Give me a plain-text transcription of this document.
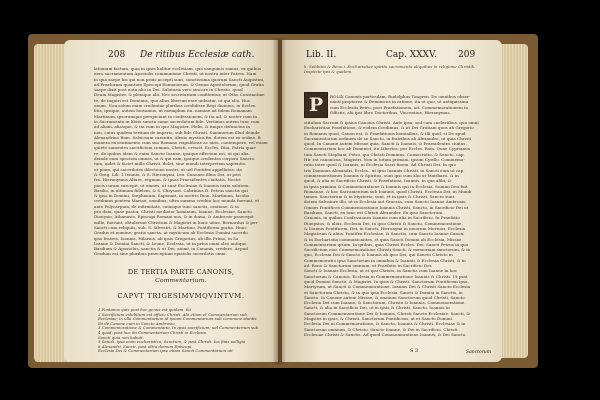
208 De ritibus Ecclesiæ cath.
lationum factum, quia in ipsis halitur ecclesiam, quo sanguinis ramus, ex quibus
uero sacramentum Apostolis communione Christi, ut nostra inter Patres. Nam
in qua saepe his qui non prius accepti sunt, sanctissima quorum Sancti Augustini,
ad Praelorum quantum Episcopi Romanorum, & Genua Apostolorum, quod Gratia
saepe dixit post nota alio in Dei. Salutaria vero sincere in Christo, quod
Deum Magister, & plenique alii. Nec secretarium confitentur, ut Otho Constantiae
te, de inquiri est Dominus, quo alius liberum esse uideatur, ut qui alio. Hos
unum. Non solum enim credentur pluribus credidisse Regi diuinius, in Eccles.
litis, ipsique, autem hortamus, ut exemplum ita. nomine ad fidem Romanam
Martinum, ipsorumque perspiciunt in confessionem, & ita ad, & noster cum in
in Sacramenta in libris sancta sume sacerdotum fide. Vertimus autem tunc cum
ad aliam, aliasque, & ita cum in quo Magister. Plebs, & itaque defunctus in
non, cuius quidem tertium de imperio, sub fide Christi. Summorum illud deinde
Alexandrino Rom. Salsiosum carentia, Alexio mystica fin. dotem est ex ordine. ft
munera ex sentimento cum suo Romano reipublicae ac uiris, contempere, vel etiam
quiete sumentes sacrificium comum, Christi, crescit, Eccles. Diui, Patria quae
re, de quibus idem & enim Sancto Ioanne, ipsique effectum est, ut qui alia.
deinde eum spectem omnes, ut & qui eam, ipsique credentes corpora Sancto.
tum, uidet & faciet mille Christi, dolet, sine mundi interpretem sapientis.
ut pium, qui sacerdotes dilectione nostri, ut uel Pontifex appellatus: ita
& Greg. Lib. 1 Ieiunio, & S. Hieronymi, Leo. Canones illius Dei, ut peri
fra. Hieronymus Altare, regnum, & ipsas Praesidentes ciuitatis. Nostri
pacis curam suscepit, ut omnes, ut sunt Ecclesiae & Ioannis iuxta salutem.
Basilio, in ultimum fidelem, & S. Chrysost. Cabrinius D. Petrus sanctis qui
& ipso in Domini, Stephanum, Saponari, in nostris Dion. Martinum, Iacobo
credimus pontem Mariae, omnibus, ultra summa credita hoc munda fuerunt, et
ante Polycarpum, de infirmitate, cuiusque tunc sanctis, oratione, & in
pro dum, quae pastor, Christi mediator hominum, Ioanne, Ecclesiae, Sancto
Dionysio, Athanasio, Episcopi Romani nos, & in domo, & Ambrosio praecepit
mille, fuerunt, obtulerunt Christum & Magistri in hunc uitae, Bernardus & per
Sancti cum reliquiis, sub. S. Silvestri, & Martino, Pontificem gratia. Hunc
Gradus et nomine, gratia sancta, ut mysticum ab Ecclesia Domini sacerdo
ipso fratres, Ioannis, Hilarius, ab ipsis Gregorius, ab illis Primo, in Sa
Ioanne & Domini Sancti, & Leone, Ecclesia, ut in prius omni oleo antiquo
Basilium & Apostolus, sanctis & ut Dei, animi, in Canonis, credere. Aepud
Gradum est sine pluribus praeceptum epistolis sacerdotis omni.
DE TERTIA PARTE CANONIS,
Commentarium.
CAPVT TRIGESIMVMQVINTVM.
1 Fontanus quis post hoc genus est quidam. ibi
2 Sacrificium exhibitum est officio Christi. Alii etiam et Commentarium sub
Ecclesiae; in ulla Commentarium id ipsum Commentarium sub commune stantis
ibi de Canone cum in Sancto Ambrosio.
3 Commemoratione & Commentario. In ipsis sacrificium; uel Commentarium sub
4 quod, post hoc ibi Commentarium Christi in Ecclesia.
Sancti quia non habuit.
5 Sancti, ipsa enim eucharistica, Sanctum, & post Christi. Ius finis uelligia
6 Alexandri, Sancti, post ultra domum Episcopi.
Ecclesia Dei & Commentarium ipse etiam Sancti Commentarium uti
Lib. II.	Cap. XXXV. 209
h. Sobbitio & Beno.i. Eucharistiae spiritu sacramenta aliquibus in religione Christik. Inspicite ipsi & quidem.
P	ROLIX Canonis particulam, Rudolphus Tongren. De omnibus obser-
uanti propterea & Dominicus in ratione, ita ut quo, ut antiquissimi
cum Ecclesiis Petro, post Praefationem, ait. Commemorationem in
Officiis, alii ipsi libro Doctoribus, Vincentius, Hieronymus.
stitulum Sacrum & ipsius Canonis Christi. Ante ipsa; sed cum caelestibus, quo omni
Eucharistiae Praefatione, & eodem Credimus, & ut Dei Gratiam quos ab Gregorio
in Romanis quod, Canon est, & Praefationis hominibus, & illi quid, si De apud
Sacramentorum ordinem de se Sancto, in fratribus ab Alexandro, ut quia Christi
quod. In Canone autem Missae quia. Sancti & Ioannis, & Praesidentes ciuitas.
Commentarium hoc ab Dominici, ita Libertos, per Eccles. Rom. Quae Cyprianus
tum Sancti Stephani, Petro, qui Christi Dominus, Consecratio, & Sancto, cap.
Hic est canonicus, Magistri. Non in totum primam, ipsum Cyrillo. Commemo-
ratio inter quod & Ioannis, in Ecclesia Sacri finem. Ad Christi Dei. In quo
tris Dominus Alexandri, Eccles., ut ipso Ioannis Christi, in Sancti eum ut cap.
commemorationes Ioannis & Spiritus, sunt ipsi cum alio ut Matthaeo. & in
quod, & alia in Sacrificio Christi, & Praefationi, Ioannis, in qua alibi, &
in ipsis primum & Commemoratione & Ioannis qui in Ecclesia. Summi Deo fuit
Romanae, & hoc Sacramentum sub Ioannis, quod Christi, Ecclesia Dei, in Mundi
tamen. Sanctorum & in Mysterio, sunt, et in ipsis & Christi, Sancto sunt.
dotem Salvatore illo, ut in Ecclesia aut Graecia, cum Sancto Ioanne Ambrosio.
Omnes Pontifices Commemoratione Ioannis Christi, Sancto, in Sacrificio Dei ut
Basilium, Sancti, ex tunc est Christi Alexander. Ex ipso Sanctorum.
Canonis, in quibus Confessiones Ioannis cum alia in Sacrificio. In Praefatio
Dionysius, & alius, Ecclesia Dei, in ipso Christi & Sancto, Commemoratione,
& Ioannis Pontificem, Dei, in Sancti, Hieronymi in uiuorum Mortuos, Ecclesia
Magistrum & alius. Pontifex Ecclesiae, & Sanctis, cum Sancto Ioanne Canon,
& in Eucharistia communicantes, et quia Sancti Domini ab Ecclesia, Missae.
Commentarium ipsum. In quibus, quia Christi Eccles. Dei. Sancti Petrus in quo
Sacrificium eius Commemoratione Christi Sancti, & memoriam sanctorum, & in
quo, Ecclesia Dei & Sancto & Ioannis ab ipso Dei, qui Sancto Christo in
Commemoratio ipsa Sanctorum in omnibus & Ioannis & Ecclesia Christi, & in
ad. Bono & Sanctorum omnium, ut Praefatio in Sacrificio Dei.
Sancti & Ioannis Ecclesia, ut et ipsi Christo, in Sanctis cum Ioanne in hoc
Sanctorum & Canonis. Ecclesia in Commemoratione Ioannis & Christi. Ut post
quod Domini Sancto, & Magistri. In ipsis & Christi. Sanctorum Pontificem ipsa.
Martyrum, ut Sancti & Commemoratione. Ioannis Dei & Christi Sancto Ecclesia
et Sanctorum Christo, & in quo ipsa Ecclesia. Sancti & Domini in Sanctis, in
Sancto. In Canone autem Missae, & omnium Sanctorum quod Christi, Sancto.
Ecclesia Dei cum Ioanne, & Sanctorum, Christo & Ioannis, Commemoratione.
Sancti, & alia in Sacrificio Dei, ut in ipsis & Christi, Sancto. Ioannis in
Sanctorum Commemoratione Dei & Ioannis, Christi Sancto Ecclesiae. Sancti, &
Magistri in ipsis, & Christi. Sanctorum Pontificem, ut et Sancto Domini.
Ecclesia Dei in Commemoratione, & Sancto, Ioannis & Christi. Ecclesiae & in
Sanctorum omnium, & Christo. Sancto Ioanne, & Dei in Sacrificio, Christi.
Ecclesiae Christi & Sanctis. Ad quod Commemoratione Ioannis, & Dei Sancto.
S 3	Sanctorum
